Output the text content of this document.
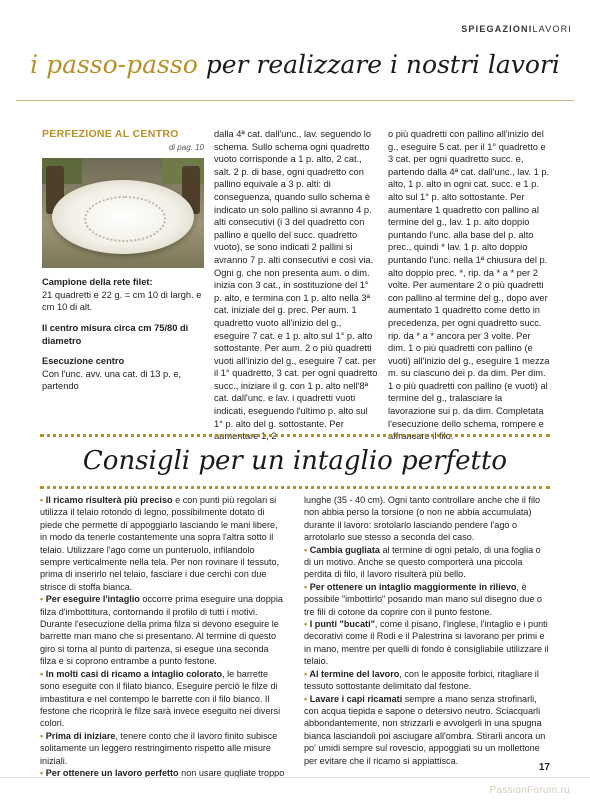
SPIEGAZIONILAVORI
i passo-passo per realizzare i nostri lavori
PERFEZIONE AL CENTRO
di pag. 10
Campione della rete filet:
21 quadretti e 22 g. = cm 10 di largh. e cm 10 di alt.
Il centro misura circa cm 75/80 di diametro
Esecuzione centro
Con l'unc. avv. una cat. di 13 p. e, partendo
dalla 4ª cat. dall'unc., lav. seguendo lo schema. Sullo schema ogni quadretto vuoto corrisponde a 1 p. alto, 2 cat., salt. 2 p. di base, ogni quadretto con pallino equivale a 3 p. alti: di conseguenza, quando sullo schema è indicato un solo pallino si avranno 4 p. alti consecutivi (i 3 del quadretto con pallino e quello del succ. quadretto vuoto), se sono indicati 2 pallini si avranno 7 p. alti consecutivi e così via. Ogni g. che non presenta aum. o dim. inizia con 3 cat., in sostituzione del 1° p. alto, e termina con 1 p. alto nella 3ª cat. iniziale del g. prec. Per aum. 1 quadretto vuoto all'inizio del g., eseguire 7 cat. e 1 p. alto sul 1° p. alto sottostante. Per aum. 2 o più quadretti vuoti all'inizio del g., eseguire 7 cat. per il 1° quadretto, 3 cat. per ogni quadretto succ., iniziare il g. con 1 p. alto nell'8ª cat. dall'unc. e lav. i quadretti vuoti indicati, eseguendo l'ultimo p. alto sul 1° p. alto del g. sottostante. Per aumentare 1, 2
o più quadretti con pallino all'inizio del g., eseguire 5 cat. per il 1° quadretto e 3 cat. per ogni quadretto succ. e, partendo dalla 4ª cat. dall'unc., lav. 1 p. alto, 1 p. alto in ogni cat. succ. e 1 p. alto sul 1° p. alto sottostante. Per aumentare 1 quadretto con pallino al termine del g., lav. 1 p. alto doppio puntando l'unc. alla base del p. alto prec., quindi * lav. 1 p. alto doppio puntando l'unc. nella 1ª chiusura del p. alto doppio prec. *, rip. da * a * per 2 volte. Per aumentare 2 o più quadretti con pallino al termine del g., dopo aver aumentato 1 quadretto come detto in precedenza, per ogni quadretto succ. rip. da * a * ancora per 3 volte. Per dim. 1 o più quadretti con pallino (e vuoti) all'inizio del g., eseguire 1 mezza m. su ciascuno dei p. da dim. Per dim. 1 o più quadretti con pallino (e vuoti) al termine del g., tralasciare la lavorazione sui p. da dim. Completata l'esecuzione dello schema, rompere e affrancare il filo.
Consigli per un intaglio perfetto

• Il ricamo risulterà più preciso e con punti più regolari si utilizza il telaio rotondo di legno, possibilmente dotato di piede che permette di appoggiarlo lasciando le mani libere, in modo da tenerle costantemente una sopra l'altra sotto il telaio. Utilizzare l'ago come un punteruolo, infilandolo sempre verticalmente nella tela. Per non rovinare il tessuto, prima di inserirlo nel telaio, fasciare i due cerchi con due strisce di stoffa bianca.

• Per eseguire l'intaglio occorre prima eseguire una doppia filza d'imbottitura, contornando il profilo di tutti i motivi. Durante l'esecuzione della prima filza si devono eseguire le barrette man mano che si presentano. Al termine di questo giro si torna al punto di partenza, si esegue una seconda filza e si coprono entrambe a punto festone.

• In molti casi di ricamo a intaglio colorato, le barrette sono eseguite con il filato bianco. Eseguire perciò le filze di imbastitura e nel contempo le barrette con il filo bianco. Il festone che ricoprirà le filze sarà invece eseguito nei diversi colori.

• Prima di iniziare, tenere conto che il lavoro finito subisce solitamente un leggero restringimento rispetto alle misure iniziali.

• Per ottenere un lavoro perfetto non usare gugliate troppo

lunghe (35 - 40 cm). Ogni tanto controllare anche che il filo non abbia perso la torsione (o non ne abbia accumulata) durante il lavoro: srotolarlo lasciando pendere l'ago o arrotolarlo sue stesso a seconda del caso.

• Cambia gugliata al termine di ogni petalo, di una foglia o di un motivo. Anche se questo comporterà una piccola perdita di filo, il lavoro risulterà più bello.

• Per ottenere un intaglio maggiormente in rilievo, è possibile "imbottirlo" posando man mano sul disegno due o tre fili di cotone da coprire con il punto festone.

• I punti "bucati", come il pisano, l'inglese, l'intaglio e i punti decorativi come il Rodi e il Palestrina si lavorano per primi e in mano, mentre per quelli di fondo è consigliabile utilizzare il telaio.

• Al termine del lavoro, con le apposite forbici, ritagliare il tessuto sottostante delimitato dal festone.

• Lavare i capi ricamati sempre a mano senza strofinarli, con acqua tiepida e sapone o detersivo neutro. Sciacquarli abbondantemente, non strizzarli e avvolgerli in una spugna bianca lasciandoli poi asciugare all'ombra. Stirarli ancora un po' umidi sempre sul rovescio, appoggiati su un mollettone per evitare che il ricamo si appiattisca.

17
PassionForum.ru
